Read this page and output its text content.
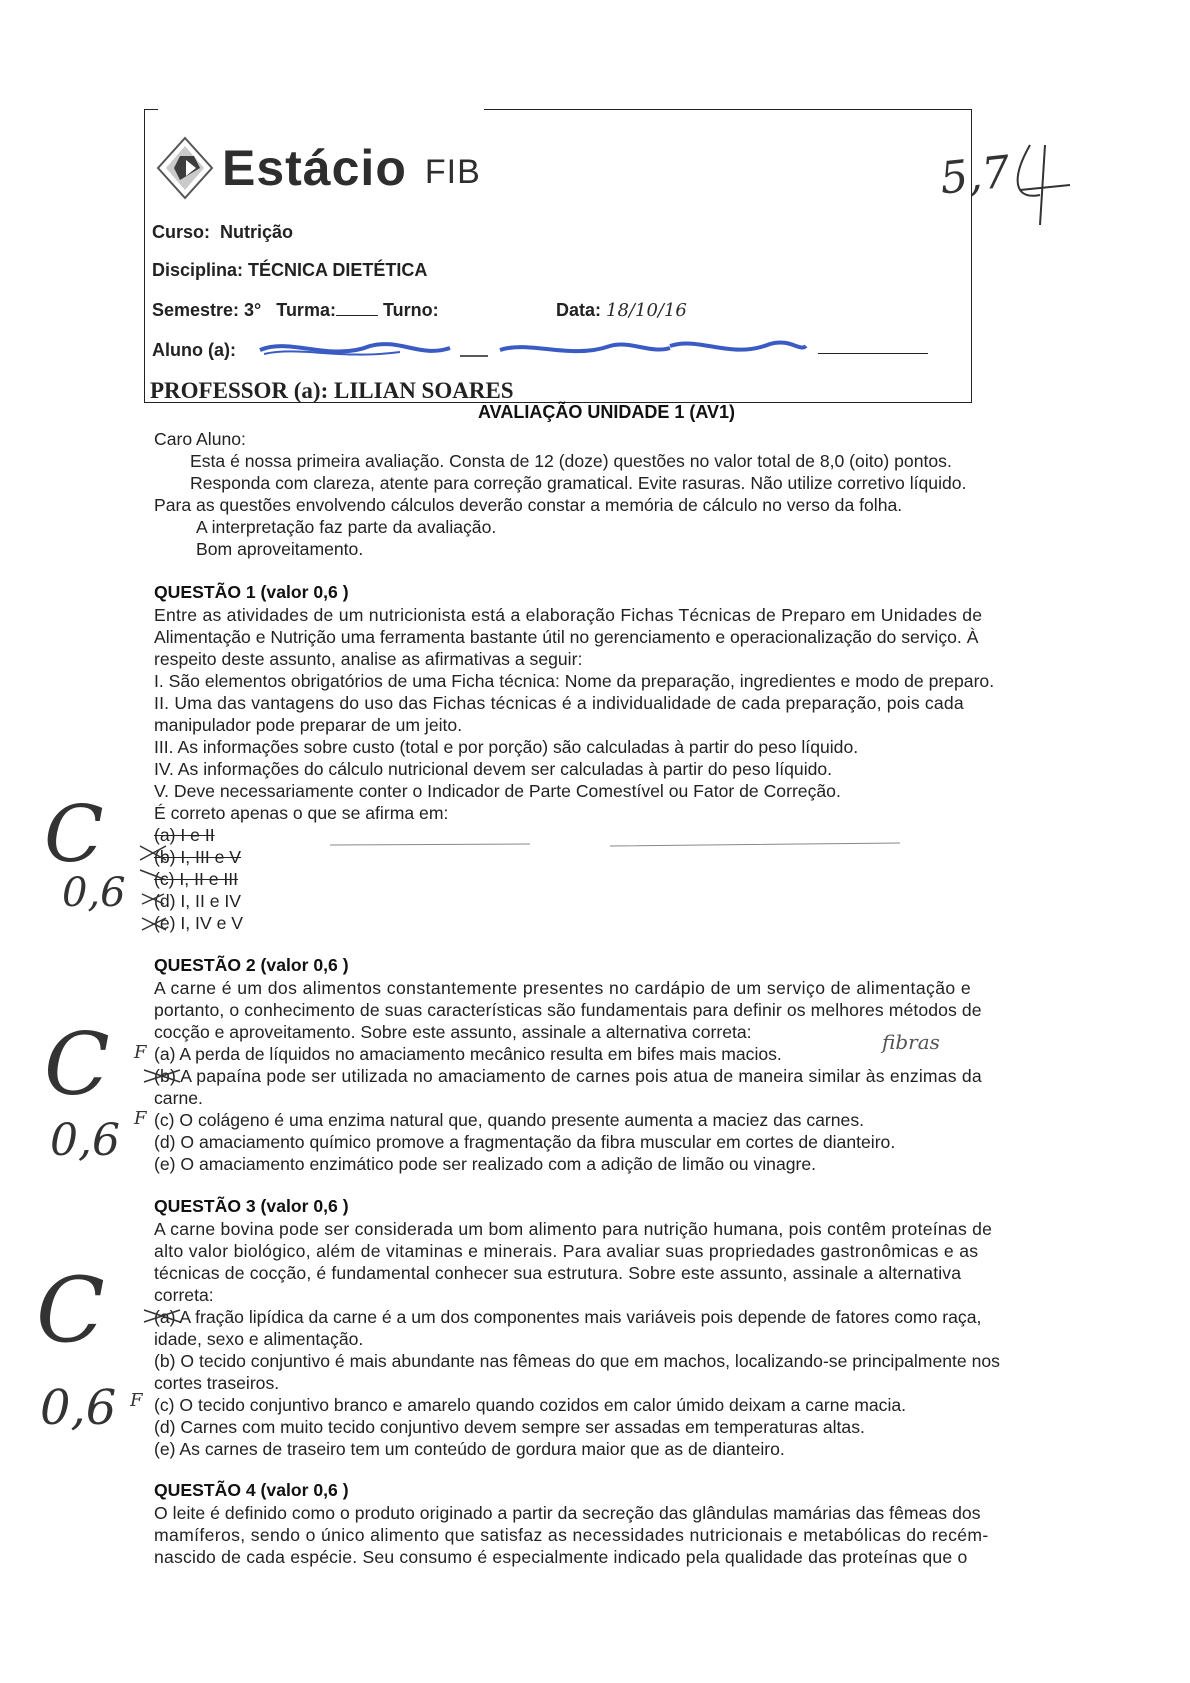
Estácio FIB	5,7
Curso: Nutrição
Disciplina: TÉCNICA DIETÉTICA
Semestre: 3° Turma:	Turno:	Data: 18/10/16
Aluno (a):
PROFESSOR (a): LILIAN SOARES
AVALIAÇÃO UNIDADE 1 (AV1)
Caro Aluno:
Esta é nossa primeira avaliação. Consta de 12 (doze) questões no valor total de 8,0 (oito) pontos.
Responda com clareza, atente para correção gramatical. Evite rasuras. Não utilize corretivo líquido.
Para as questões envolvendo cálculos deverão constar a memória de cálculo no verso da folha.
A interpretação faz parte da avaliação.
Bom aproveitamento.
QUESTÃO 1 (valor 0,6 )
Entre as atividades de um nutricionista está a elaboração Fichas Técnicas de Preparo em Unidades de
Alimentação e Nutrição uma ferramenta bastante útil no gerenciamento e operacionalização do serviço. À
respeito deste assunto, analise as afirmativas a seguir:
I. São elementos obrigatórios de uma Ficha técnica: Nome da preparação, ingredientes e modo de preparo.
II. Uma das vantagens do uso das Fichas técnicas é a individualidade de cada preparação, pois cada
manipulador pode preparar de um jeito.
III. As informações sobre custo (total e por porção) são calculadas à partir do peso líquido.
IV. As informações do cálculo nutricional devem ser calculadas à partir do peso líquido.
V. Deve necessariamente conter o Indicador de Parte Comestível ou Fator de Correção.
É correto apenas o que se afirma em:
(a) I e II
(b) I, III e V
(c) I, II e III
(d) I, II e IV
(e) I, IV e V
C
0,6
QUESTÃO 2 (valor 0,6 )
A carne é um dos alimentos constantemente presentes no cardápio de um serviço de alimentação e
portanto, o conhecimento de suas características são fundamentais para definir os melhores métodos de
cocção e aproveitamento. Sobre este assunto, assinale a alternativa correta:
(a) A perda de líquidos no amaciamento mecânico resulta em bifes mais macios.
(b) A papaína pode ser utilizada no amaciamento de carnes pois atua de maneira similar às enzimas da
carne.
(c) O colágeno é uma enzima natural que, quando presente aumenta a maciez das carnes.
(d) O amaciamento químico promove a fragmentação da fibra muscular em cortes de dianteiro.
(e) O amaciamento enzimático pode ser realizado com a adição de limão ou vinagre.
C
0,6
F
F
fibras
QUESTÃO 3 (valor 0,6 )
A carne bovina pode ser considerada um bom alimento para nutrição humana, pois contêm proteínas de
alto valor biológico, além de vitaminas e minerais. Para avaliar suas propriedades gastronômicas e as
técnicas de cocção, é fundamental conhecer sua estrutura. Sobre este assunto, assinale a alternativa
correta:
(a) A fração lipídica da carne é a um dos componentes mais variáveis pois depende de fatores como raça,
idade, sexo e alimentação.
(b) O tecido conjuntivo é mais abundante nas fêmeas do que em machos, localizando-se principalmente nos
cortes traseiros.
(c) O tecido conjuntivo branco e amarelo quando cozidos em calor úmido deixam a carne macia.
(d) Carnes com muito tecido conjuntivo devem sempre ser assadas em temperaturas altas.
(e) As carnes de traseiro tem um conteúdo de gordura maior que as de dianteiro.
C
0,6 F
QUESTÃO 4 (valor 0,6 )
O leite é definido como o produto originado a partir da secreção das glândulas mamárias das fêmeas dos
mamíferos, sendo o único alimento que satisfaz as necessidades nutricionais e metabólicas do recém-
nascido de cada espécie. Seu consumo é especialmente indicado pela qualidade das proteínas que o
